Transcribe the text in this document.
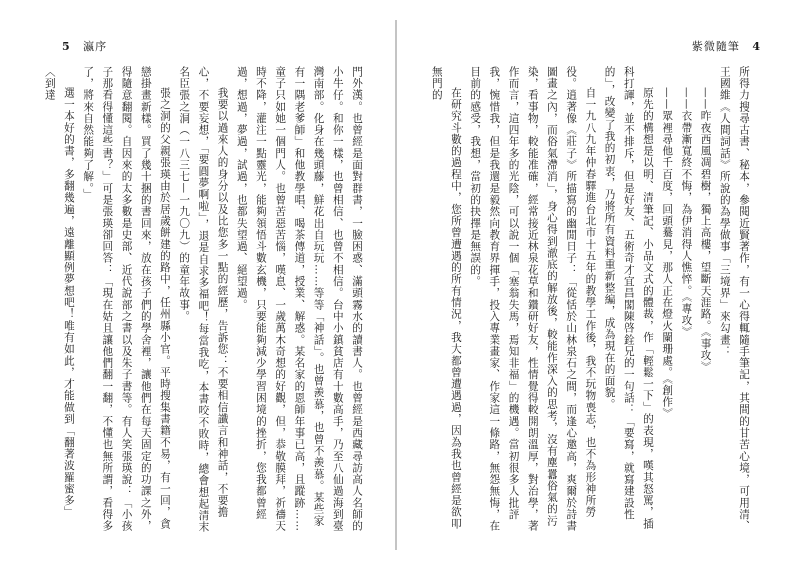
5 瀛序

門外漢。也曾經是面對群書，一臉困惑、滿頭霧水的讀書人。也曾經是西藏尋訪高人名師的小牛仔。和你一樣，也曾相信、也曾不相信。台中小鎮貧店有十數高手，乃至八仙過海到臺灣南部。化身在幾頭藤，鮮花出自玩玩……等等「神話」。也曾羨慕，也曾不羨慕。某些家有一隅老爹師」和他教學唱、喝茶傳道，授業、解惑。某名家的恩師年事已高，且蹤跡……童子只如她一個門人。也曾苦惡苦惱，嘆息、一歲萬木奇想的好觀，但，恭敬膜拜，祈禱天時不降，灌注一點靈光，能夠領悟斗數玄機，只要能夠減少學習困境的挫折，您我都曾經過，想過，夢過，試過，也都失望過、絕望過。

我要以過來人的身分以及比您多一點的經歷，告訴您：不要相信讖言和神話，不要擔心，不要妄想，「要圓夢啊啦」，退是自求多福吧！每當我吃，本書咬不敗時，總會想起清末名臣張之洞（一八三七—一九〇九）的童年故事。

張之洞的父親張瑛由於居歲餅建的路中，任州縣小官。平時搜集書籍不易，有一回，貪戀掛畫新樣。買了幾十捆的書回來，放在孩子們的學舍裡，讓他們在每天固定的功課之外，得隨意翻閱。自因來的太多數是史部、近代說部之書以及朱子書等。有人笑張瑛說：「小孩子那看得懂這些書？」可是張瑛卻回答：「現在姑且讓他們翻一翻，不懂也無所謂，看得多了，將來自然能夠了解。」

選一本好的書，多翻幾遍，遠離顯例夢想吧！唯有如此，才能做到「翻著波羅蜜多」〈到達

紫微隨筆 4

所得力搜尋古書、秘本，參閱近賢著作，有一心得輒隨手筆記，其間的甘苦心境，可用清、王國維《人間詞話》所說的為學做事「三境界」來勾畫：

——昨夜西風凋碧樹，獨上高樓，望斷天涯路。《事攻》

——衣帶漸寬終不悔，為伊消得人憔悴。《專攻》

——眾裡尋他千百度，回頭驀見，那人正在燈火闌珊處。《創作》

原先的構想是以明、清筆記、小品文式的體裁，作「輕鬆一下」的表現，嘆其怒罵，插科打諢，並不排斥，但是好友、五術奇才宜昌閣陳啓銓兄的一句話：「要寫，就寫建設性的」，改變了我的初衷，乃將所有資料重新整編，成為現在的面貌。

自一九八九年仲春驛進台北市十五年的教學工作後，我不玩物喪志，也不為形神所勞役。逍著像《莊子》所描寫的幽閒日子：「從恬於山林泉石之間，而逢心邀高，爽爾於詩書圖畫之內，而俗氣滯消」，身心得到澈底的解放後，較能作深入的思考，沒有塵囂俗氣的污染，看事物，較能准確，經常接近林泉花草和鑽研好友，性情覺得較開朗溫厚，對治學，著作而言，這四年多的光陰，可以說一個「塞翁失馬，焉知非福」的機遇。當初很多人批評我，惋惜我，但是我還是毅然向教育界揮手，投入專業畫家、作家這一條路，無怨無悔，在目前的感受，我想，當初的抉擇是無誤的。

在研究斗數的過程中，您所曾遭遇的所有情況，我大都曾遭遇過，因為我也曾經是欲叩無門的
